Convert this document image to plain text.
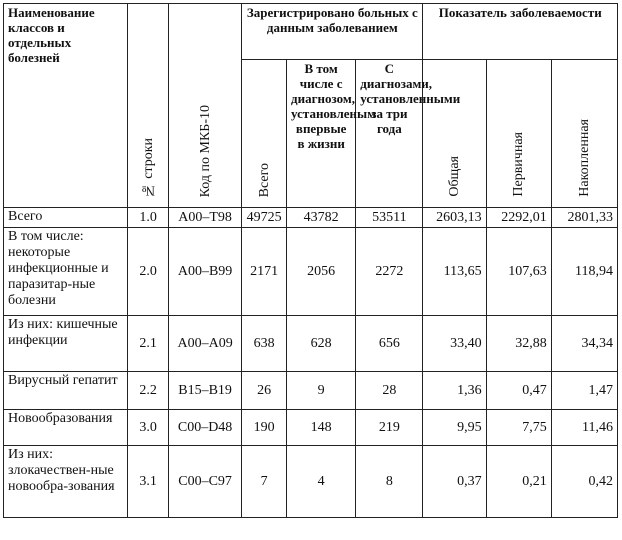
Наименование классов и отдельных болезней	№ строки	Код по МКБ-10	Зарегистрировано больных с данным заболеванием			Показатель заболеваемости		
			Всего	В том числе с диагнозом, установленым впервые в жизни	С диагнозами, установленными за три года	Общая	Первичная	Накопленная
Всего	1.0	A00–T98	49725	43782	53511	2603,13	2292,01	2801,33
В том числе: некоторые инфекционные и паразитар-ные болезни	2.0	A00–B99	2171	2056	2272	113,65	107,63	118,94
Из них: кишечные инфекции	2.1	A00–A09	638	628	656	33,40	32,88	34,34
Вирусный гепатит	2.2	B15–B19	26	9	28	1,36	0,47	1,47
Новообразования	3.0	C00–D48	190	148	219	9,95	7,75	11,46
Из них: злокачествен-ные новообра-зования	3.1	C00–C97	7	4	8	0,37	0,21	0,42
